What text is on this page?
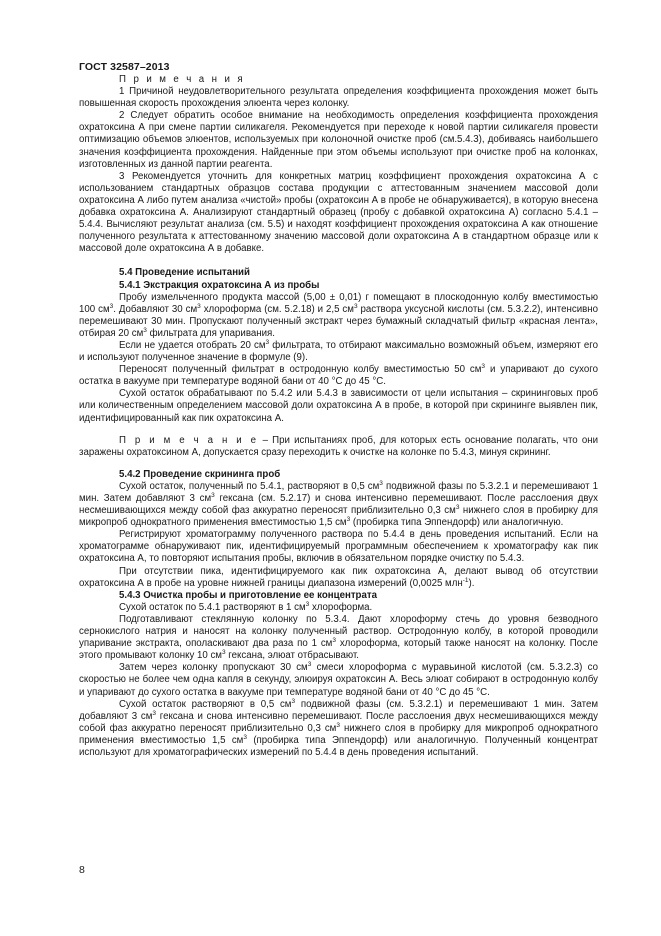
ГОСТ 32587–2013

П р и м е ч а н и я

1 Причиной неудовлетворительного результата определения коэффициента прохождения может быть повышенная скорость прохождения элюента через колонку.

2 Следует обратить особое внимание на необходимость определения коэффициента прохождения охратоксина А при смене партии силикагеля. Рекомендуется при переходе к новой партии силикагеля провести оптимизацию объемов элюентов, используемых при колоночной очистке проб (см.5.4.3), добиваясь наибольшего значения коэффициента прохождения. Найденные при этом объемы используют при очистке проб на колонках, изготовленных из данной партии реагента.

3 Рекомендуется уточнить для конкретных матриц коэффициент прохождения охратоксина А с использованием стандартных образцов состава продукции с аттестованным значением массовой доли охратоксина А либо путем анализа «чистой» пробы (охратоксин А в пробе не обнаруживается), в которую внесена добавка охратоксина А. Анализируют стандартный образец (пробу с добавкой охратоксина А) согласно 5.4.1 – 5.4.4. Вычисляют результат анализа (см. 5.5) и находят коэффициент прохождения охратоксина А как отношение полученного результата к аттестованному значению массовой доли охратоксина А в стандартном образце или к массовой доле охратоксина А в добавке.

5.4 Проведение испытаний

5.4.1 Экстракция охратоксина А из пробы

Пробу измельченного продукта массой (5,00 ± 0,01) г помещают в плоскодонную колбу вместимостью 100 $см^3$. Добавляют 30 $см^3$ хлороформа (см. 5.2.18) и 2,5 $см^3$ раствора уксусной кислоты (см. 5.3.2.2), интенсивно перемешивают 30 мин. Пропускают полученный экстракт через бумажный складчатый фильтр «красная лента», отбирая 20 $см^3$ фильтрата для упаривания.

Если не удается отобрать 20 $см^3$ фильтрата, то отбирают максимально возможный объем, измеряют его и используют полученное значение в формуле (9).

Переносят полученный фильтрат в остродонную колбу вместимостью 50 $см^3$ и упаривают до сухого остатка в вакууме при температуре водяной бани от 40 °С до 45 °С.

Сухой остаток обрабатывают по 5.4.2 или 5.4.3 в зависимости от цели испытания – скрининговых проб или количественным определением массовой доли охратоксина А в пробе, в которой при скрининге выявлен пик, идентифицированный как пик охратоксина А.

П р и м е ч а н и е – При испытаниях проб, для которых есть основание полагать, что они заражены охратоксином А, допускается сразу переходить к очистке на колонке по 5.4.3, минуя скрининг.

5.4.2 Проведение скрининга проб

Сухой остаток, полученный по 5.4.1, растворяют в 0,5 $см^3$ подвижной фазы по 5.3.2.1 и перемешивают 1 мин. Затем добавляют 3 $см^3$ гексана (см. 5.2.17) и снова интенсивно перемешивают. После расслоения двух несмешивающихся между собой фаз аккуратно переносят приблизительно 0,3 $см^3$ нижнего слоя в пробирку для микропроб однократного применения вместимостью 1,5 $см^3$ (пробирка типа Эппендорф) или аналогичную.

Регистрируют хроматограмму полученного раствора по 5.4.4 в день проведения испытаний. Если на хроматограмме обнаруживают пик, идентифицируемый программным обеспечением к хроматографу как пик охратоксина А, то повторяют испытания пробы, включив в обязательном порядке очистку по 5.4.3.

При отсутствии пика, идентифицируемого как пик охратоксина А, делают вывод об отсутствии охратоксина А в пробе на уровне нижней границы диапазона измерений (0,0025 млн$^{-1}$).

5.4.3 Очистка пробы и приготовление ее концентрата

Сухой остаток по 5.4.1 растворяют в 1 $см^3$ хлороформа.

Подготавливают стеклянную колонку по 5.3.4. Дают хлороформу стечь до уровня безводного сернокислого натрия и наносят на колонку полученный раствор. Остродонную колбу, в которой проводили упаривание экстракта, ополаскивают два раза по 1 $см^3$ хлороформа, который также наносят на колонку. После этого промывают колонку 10 $см^3$ гексана, элюат отбрасывают.

Затем через колонку пропускают 30 $см^3$ смеси хлороформа с муравьиной кислотой (см. 5.3.2.3) со скоростью не более чем одна капля в секунду, элюируя охратоксин А. Весь элюат собирают в остродонную колбу и упаривают до сухого остатка в вакууме при температуре водяной бани от 40 °С до 45 °С.

Сухой остаток растворяют в 0,5 $см^3$ подвижной фазы (см. 5.3.2.1) и перемешивают 1 мин. Затем добавляют 3 $см^3$ гексана и снова интенсивно перемешивают. После расслоения двух несмешивающихся между собой фаз аккуратно переносят приблизительно 0,3 $см^3$ нижнего слоя в пробирку для микропроб однократного применения вместимостью 1,5 $см^3$ (пробирка типа Эппендорф) или аналогичную. Полученный концентрат используют для хроматографических измерений по 5.4.4 в день проведения испытаний.

8
